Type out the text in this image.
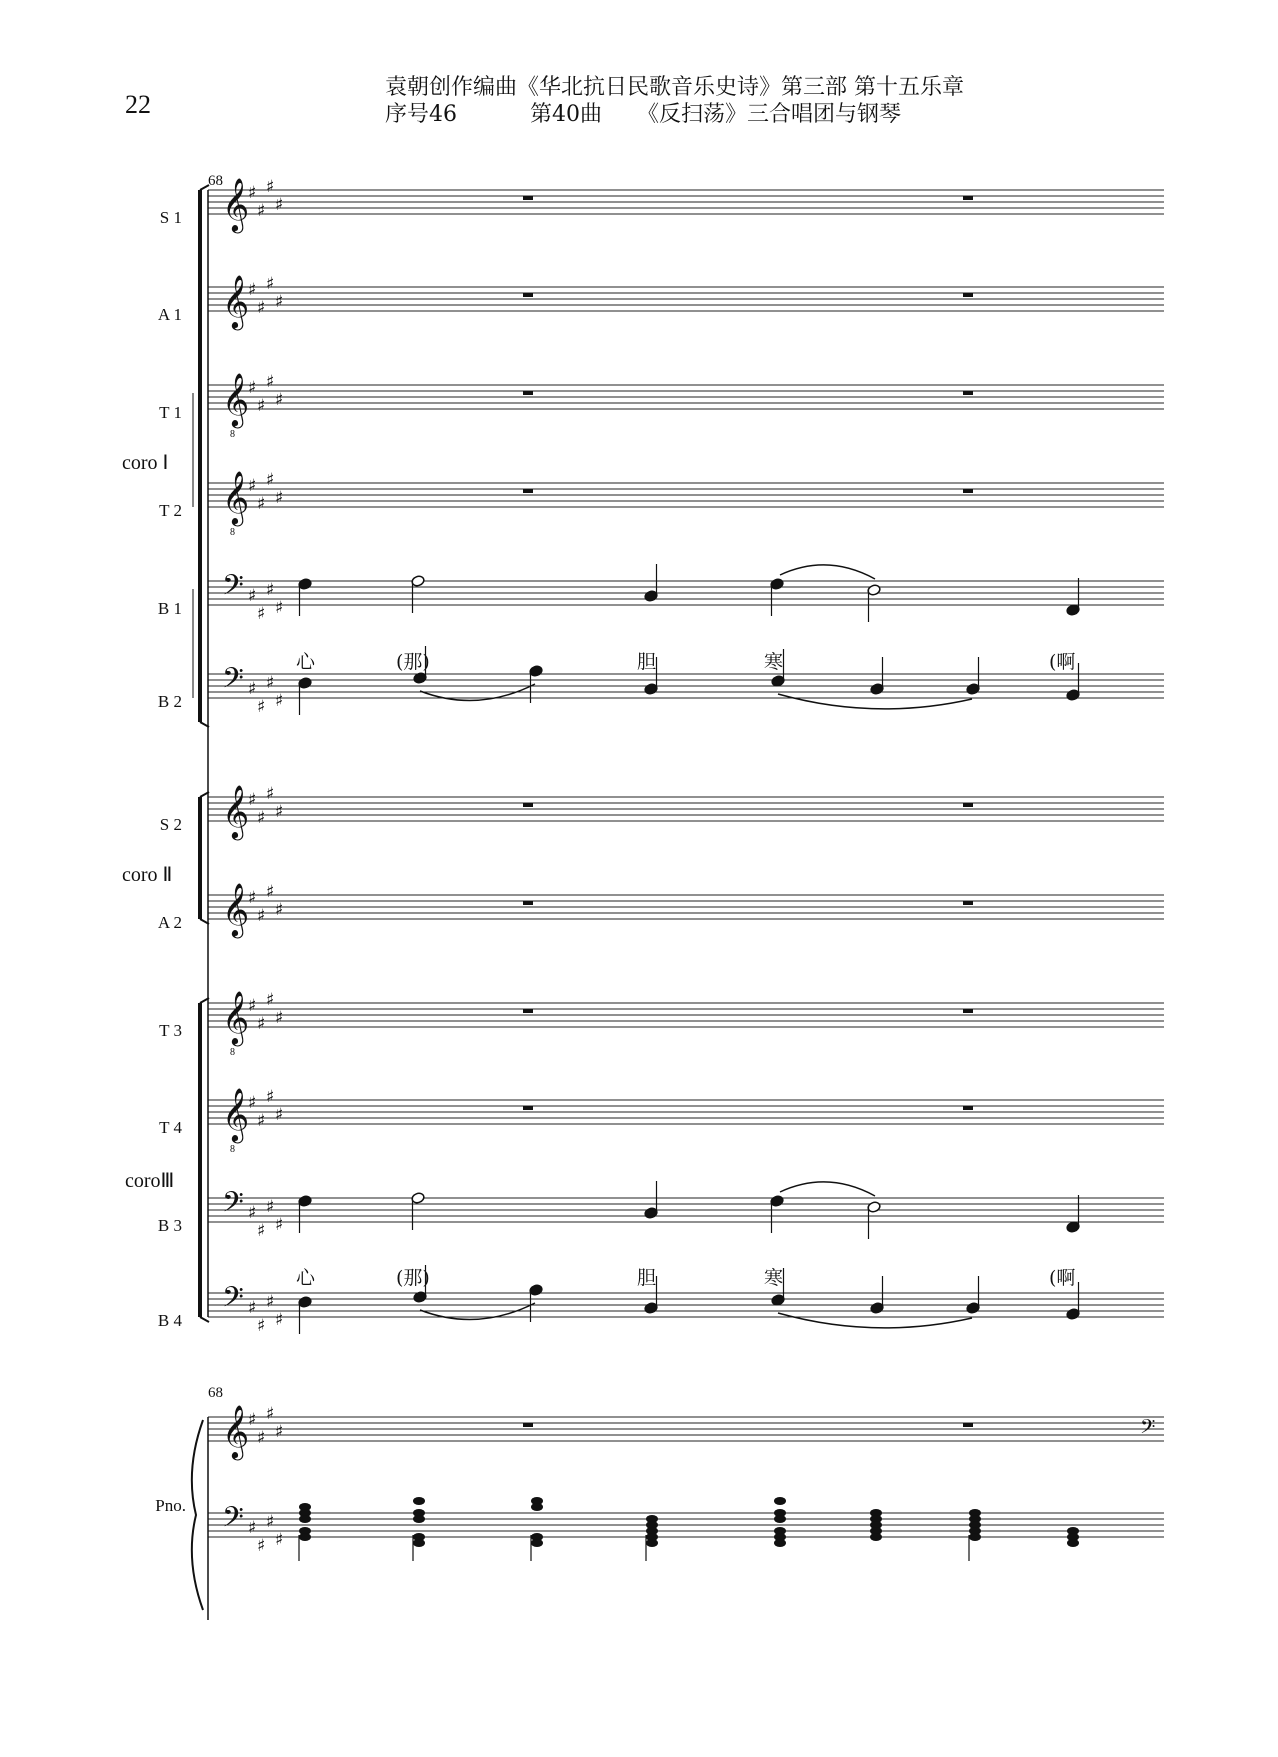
22
袁朝创作编曲《华北抗日民歌音乐史诗》第三部 第十五乐章
序号46	第40曲 《反扫荡》三合唱团与钢琴
S 1
A 1
T 1
T 2
B 1
B 2
S 2
A 2
T 3
T 4
B 3
B 4
Pno.
coro Ⅰ
coro Ⅱ
coroⅢ
68
68
心	(那)	胆	寒	(啊
心	(那)	胆	寒	(啊
𝄞
♯
♯
♯
♯
𝄞
♯
♯
♯
♯
𝄞
8
♯
♯
♯
♯
𝄞
8
♯
♯
♯
♯
𝄢 ♯
♯
♯
♯
𝄢 ♯
♯
♯
♯
𝄞
♯
♯
♯
♯
𝄞
♯
♯
♯
♯
𝄞
8
♯
♯
♯
♯
𝄞
8
♯
♯
♯
♯
𝄢 ♯
♯
♯
♯
𝄢 ♯
♯
♯
♯
𝄞
♯
♯
♯
♯
𝄢 ♯
♯
♯
♯
𝄢
